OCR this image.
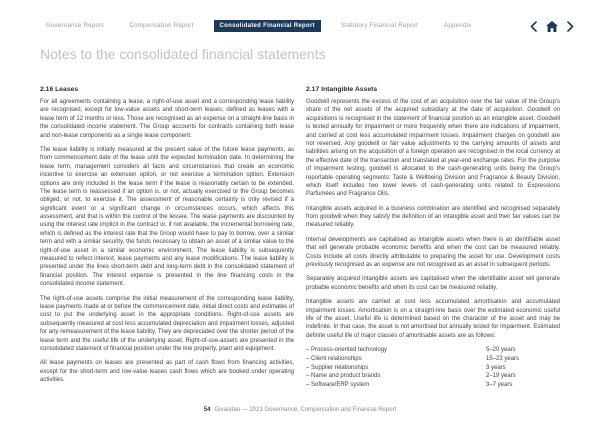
Governance Report	Compensation Report	Consolidated Financial Report	Statutory Financial Report	Appendix
Notes to the consolidated financial statements
2.16 Leases

For all agreements containing a lease, a right-of-use asset and a corresponding lease liability are recognised, except for low-value assets and short-term leases, defined as leases with a lease term of 12 months or less. Those are recognised as an expense on a straight-line basis in the consolidated income statement. The Group accounts for contracts containing both lease and non-lease components as a single lease component.

The lease liability is initially measured at the present value of the future lease payments, as from commencement date of the lease until the expected termination date. In determining the lease term, management considers all facts and circumstances that create an economic incentive to exercise an extension option, or not exercise a termination option. Extension options are only included in the lease term if the lease is reasonably certain to be extended. The lease term is reassessed if an option is, or not, actually exercised or the Group becomes obliged, or not, to exercise it. The assessment of reasonable certainty is only revised if a significant event or a significant change in circumstances occurs, which affects this assessment, and that is within the control of the lessee. The lease payments are discounted by using the interest rate implicit in the contract or, if not available, the incremental borrowing rate, which is defined as the interest rate that the Group would have to pay to borrow, over a similar term and with a similar security, the funds necessary to obtain an asset of a similar value to the right-of-use asset in a similar economic environment. The lease liability is subsequently measured to reflect interest, lease payments and any lease modifications. The lease liability is presented under the lines short-term debt and long-term debt in the consolidated statement of financial position. The interest expense is presented in the line financing costs in the consolidated income statement.

The right-of-use assets comprise the initial measurement of the corresponding lease liability, lease payments made at or before the commencement date, initial direct costs and estimates of cost to put the underlying asset in the appropriate conditions. Right-of-use assets are subsequently measured at cost less accumulated depreciation and impairment losses, adjusted for any remeasurement of the lease liability. They are depreciated over the shorter period of the lease term and the useful life of the underlying asset. Right-of-use-assets are presented in the consolidated statement of financial position under the line property, plant and equipment.

All lease payments on leases are presented as part of cash flows from financing activities, except for the short-term and low-value leases cash flows which are booked under operating activities.

2.17 Intangible Assets

Goodwill represents the excess of the cost of an acquisition over the fair value of the Group's share of the net assets of the acquired subsidiary at the date of acquisition. Goodwill on acquisitions is recognised in the statement of financial position as an intangible asset. Goodwill is tested annually for impairment or more frequently when there are indications of impairment, and carried at cost less accumulated impairment losses. Impairment charges on goodwill are not reversed. Any goodwill or fair value adjustments to the carrying amounts of assets and liabilities arising on the acquisition of a foreign operation are recognised in the local currency at the effective date of the transaction and translated at year-end exchange rates. For the purpose of impairment testing, goodwill is allocated to the cash-generating units being the Group's reportable operating segments: Taste & Wellbeing Division and Fragrance & Beauty Division, which itself includes two lower levels of cash-generating units related to Expressions Parfumées and Fragrance Oils.

Intangible assets acquired in a business combination are identified and recognised separately from goodwill when they satisfy the definition of an intangible asset and their fair values can be measured reliably.

Internal developments are capitalised as intangible assets when there is an identifiable asset that will generate probable economic benefits and when the cost can be measured reliably. Costs include all costs directly attributable to preparing the asset for use. Development costs previously recognised as an expense are not recognised as an asset in subsequent periods.

Separately acquired intangible assets are capitalised when the identifiable asset will generate probable economic benefits and when its cost can be measured reliably.

Intangible assets are carried at cost less accumulated amortisation and accumulated impairment losses. Amortisation is on a straight-line basis over the estimated economic useful life of the asset. Useful life is determined based on the character of the asset and may be indefinite. In that case, the asset is not amortised but annually tested for impairment. Estimated definite useful life of major classes of amortisable assets are as follows:

– Process-oriented technology	5–20 years
– Client relationships	15–23 years
– Supplier relationships	3 years
– Name and product brands	2–19 years
– Software/ERP system	3–7 years
54 Givaudan — 2021 Governance, Compensation and Financial Report
